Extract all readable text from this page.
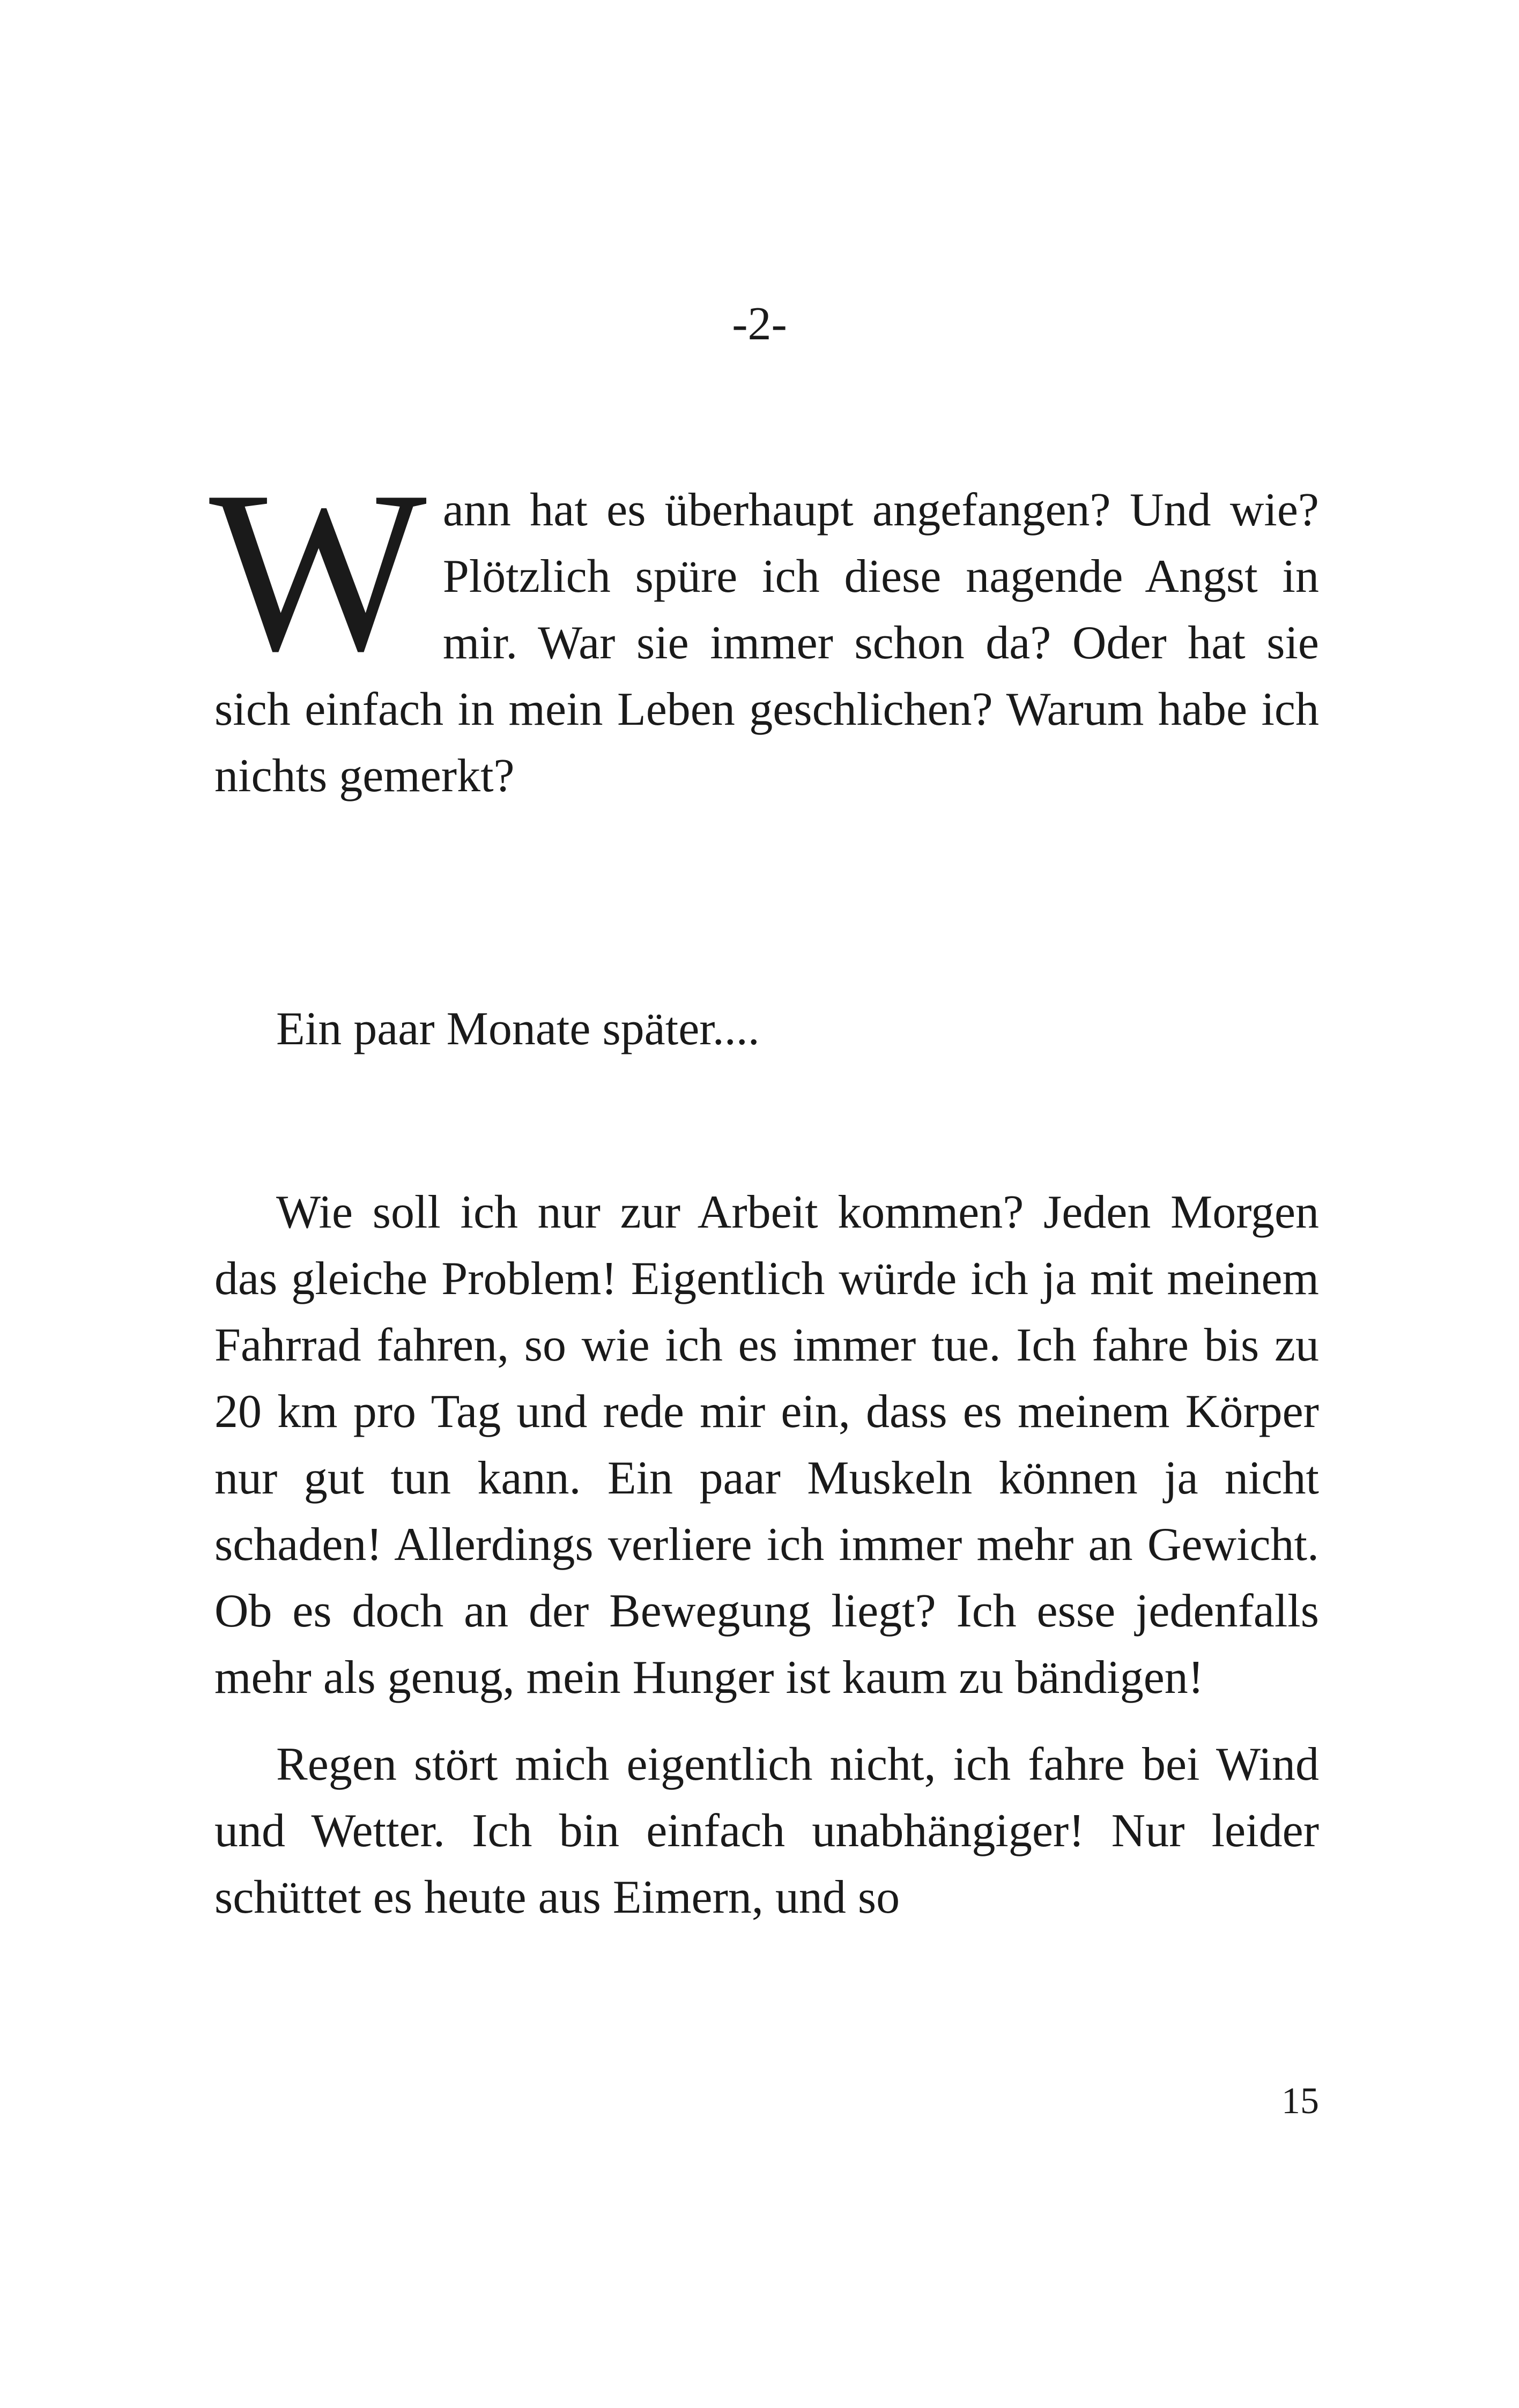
-2-
W ann hat es überhaupt angefangen? Und wie? Plötzlich spüre ich diese nagende Angst in mir. War sie immer schon da? Oder hat sie sich einfach in mein Leben geschlichen? Warum habe ich nichts gemerkt?
Ein paar Monate später....

Wie soll ich nur zur Arbeit kommen? Jeden Morgen das gleiche Problem! Eigentlich würde ich ja mit meinem Fahrrad fahren, so wie ich es immer tue. Ich fahre bis zu 20 km pro Tag und rede mir ein, dass es meinem Körper nur gut tun kann. Ein paar Muskeln können ja nicht schaden! Allerdings verliere ich immer mehr an Gewicht. Ob es doch an der Bewegung liegt? Ich esse jedenfalls mehr als genug, mein Hunger ist kaum zu bändigen!

Regen stört mich eigentlich nicht, ich fahre bei Wind und Wetter. Ich bin einfach unabhängiger! Nur leider schüttet es heute aus Eimern, und so

15
